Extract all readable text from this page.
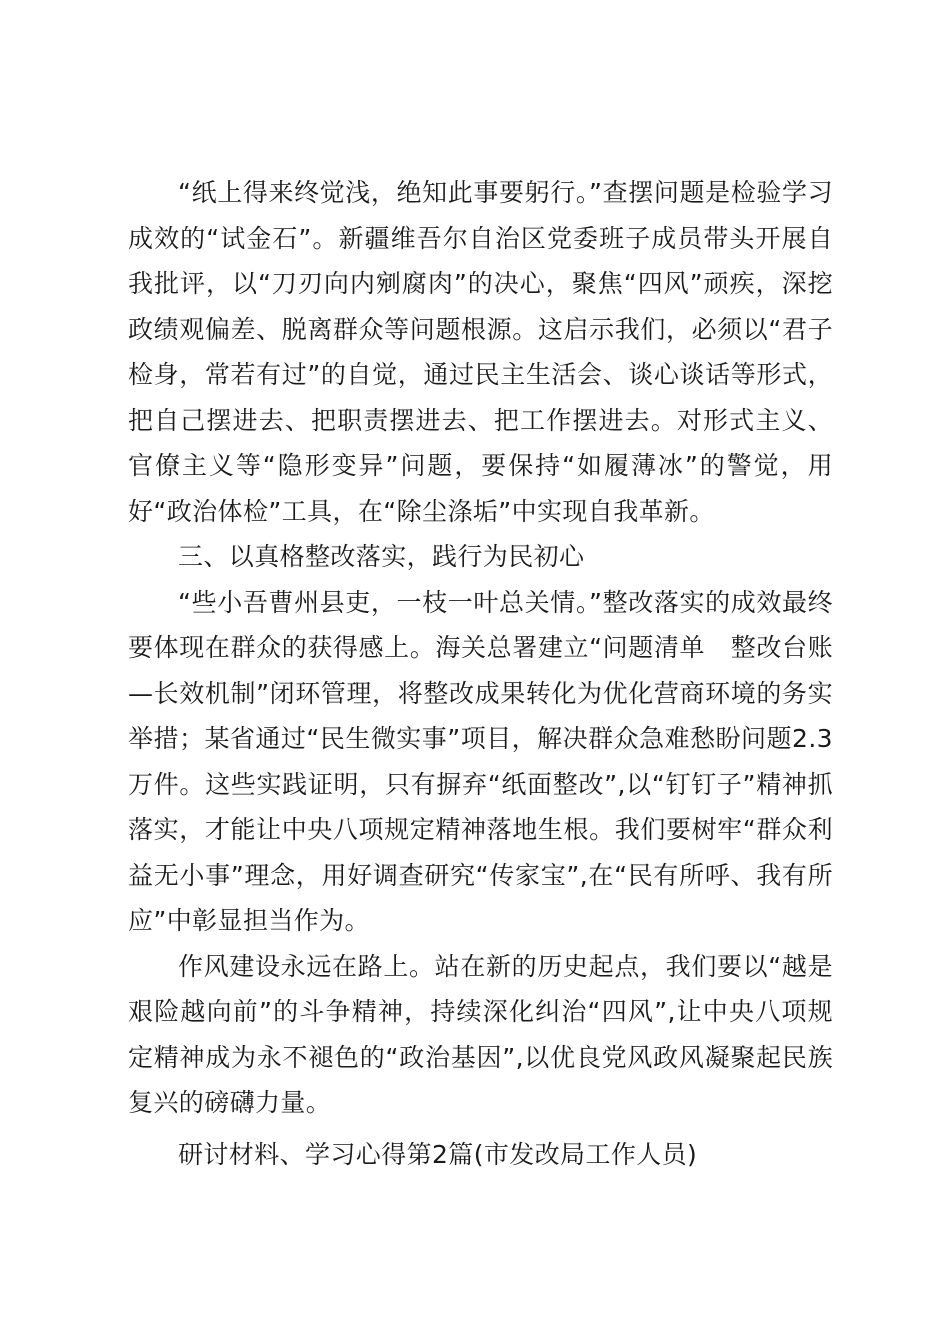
“纸上得来终觉浅，绝知此事要躬行。”查摆问题是检验学习成效的“试金石”。新疆维吾尔自治区党委班子成员带头开展自我批评，以“刀刃向内剜腐肉”的决心，聚焦“四风”顽疾，深挖政绩观偏差、脱离群众等问题根源。这启示我们，必须以“君子检身，常若有过”的自觉，通过民主生活会、谈心谈话等形式，把自己摆进去、把职责摆进去、把工作摆进去。对形式主义、官僚主义等“隐形变异”问题，要保持“如履薄冰”的警觉，用好“政治体检”工具，在“除尘涤垢”中实现自我革新。

三、以真格整改落实，践行为民初心

“些小吾曹州县吏，一枝一叶总关情。”整改落实的成效最终要体现在群众的获得感上。海关总署建立“问题清单　整改台账—长效机制”闭环管理，将整改成果转化为优化营商环境的务实举措；某省通过“民生微实事”项目，解决群众急难愁盼问题2.3万件。这些实践证明，只有摒弃“纸面整改”,以“钉钉子”精神抓落实，才能让中央八项规定精神落地生根。我们要树牢“群众利益无小事”理念，用好调查研究“传家宝”,在“民有所呼、我有所应”中彰显担当作为。

作风建设永远在路上。站在新的历史起点，我们要以“越是艰险越向前”的斗争精神，持续深化纠治“四风”,让中央八项规定精神成为永不褪色的“政治基因”,以优良党风政风凝聚起民族复兴的磅礴力量。

研讨材料、学习心得第2篇(市发改局工作人员)
